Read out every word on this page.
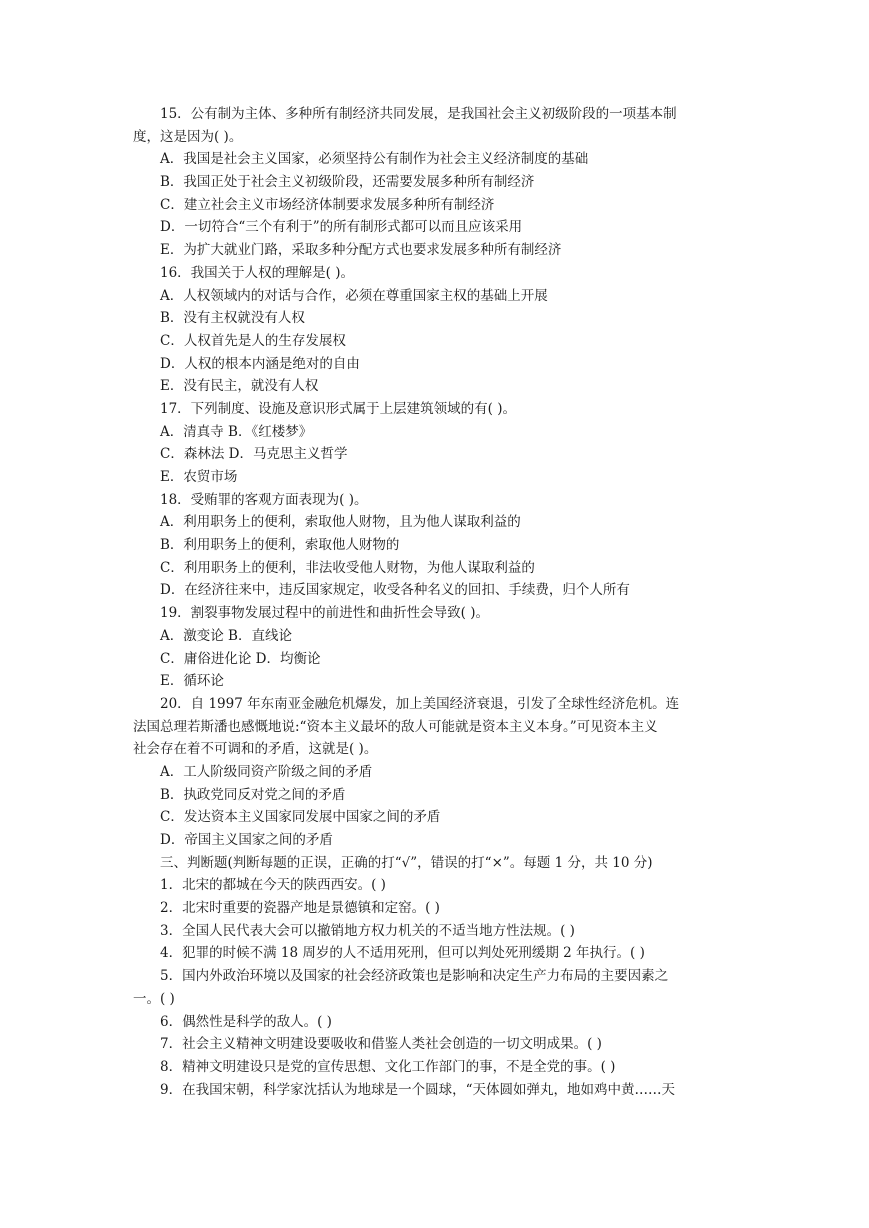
15．公有制为主体、多种所有制经济共同发展，是我国社会主义初级阶段的一项基本制
度，这是因为( )。
A．我国是社会主义国家，必须坚持公有制作为社会主义经济制度的基础
B．我国正处于社会主义初级阶段，还需要发展多种所有制经济
C．建立社会主义市场经济体制要求发展多种所有制经济
D．一切符合“三个有利于”的所有制形式都可以而且应该采用
E．为扩大就业门路，采取多种分配方式也要求发展多种所有制经济
16．我国关于人权的理解是( )。
A．人权领域内的对话与合作，必须在尊重国家主权的基础上开展
B．没有主权就没有人权
C．人权首先是人的生存发展权
D．人权的根本内涵是绝对的自由
E．没有民主，就没有人权
17．下列制度、设施及意识形式属于上层建筑领域的有( )。
A．清真寺 B．《红楼梦》
C．森林法 D．马克思主义哲学
E．农贸市场
18．受贿罪的客观方面表现为( )。
A．利用职务上的便利，索取他人财物，且为他人谋取利益的
B．利用职务上的便利，索取他人财物的
C．利用职务上的便利，非法收受他人财物，为他人谋取利益的
D．在经济往来中，违反国家规定，收受各种名义的回扣、手续费，归个人所有
19．割裂事物发展过程中的前进性和曲折性会导致( )。
A．激变论 B．直线论
C．庸俗进化论 D．均衡论
E．循环论
20．自 1997 年东南亚金融危机爆发，加上美国经济衰退，引发了全球性经济危机。连
法国总理若斯潘也感慨地说:“资本主义最坏的敌人可能就是资本主义本身。”可见资本主义
社会存在着不可调和的矛盾，这就是( )。
A．工人阶级同资产阶级之间的矛盾
B．执政党同反对党之间的矛盾
C．发达资本主义国家同发展中国家之间的矛盾
D．帝国主义国家之间的矛盾
三、判断题(判断每题的正误，正确的打“√”，错误的打“×”。每题 1 分，共 10 分)
1．北宋的都城在今天的陕西西安。( )
2．北宋时重要的瓷器产地是景德镇和定窑。( )
3．全国人民代表大会可以撤销地方权力机关的不适当地方性法规。( )
4．犯罪的时候不满 18 周岁的人不适用死刑，但可以判处死刑缓期 2 年执行。( )
5．国内外政治环境以及国家的社会经济政策也是影响和决定生产力布局的主要因素之
一。( )
6．偶然性是科学的敌人。( )
7．社会主义精神文明建设要吸收和借鉴人类社会创造的一切文明成果。( )
8．精神文明建设只是党的宣传思想、文化工作部门的事，不是全党的事。( )
9．在我国宋朝，科学家沈括认为地球是一个圆球，“天体圆如弹丸，地如鸡中黄……天
